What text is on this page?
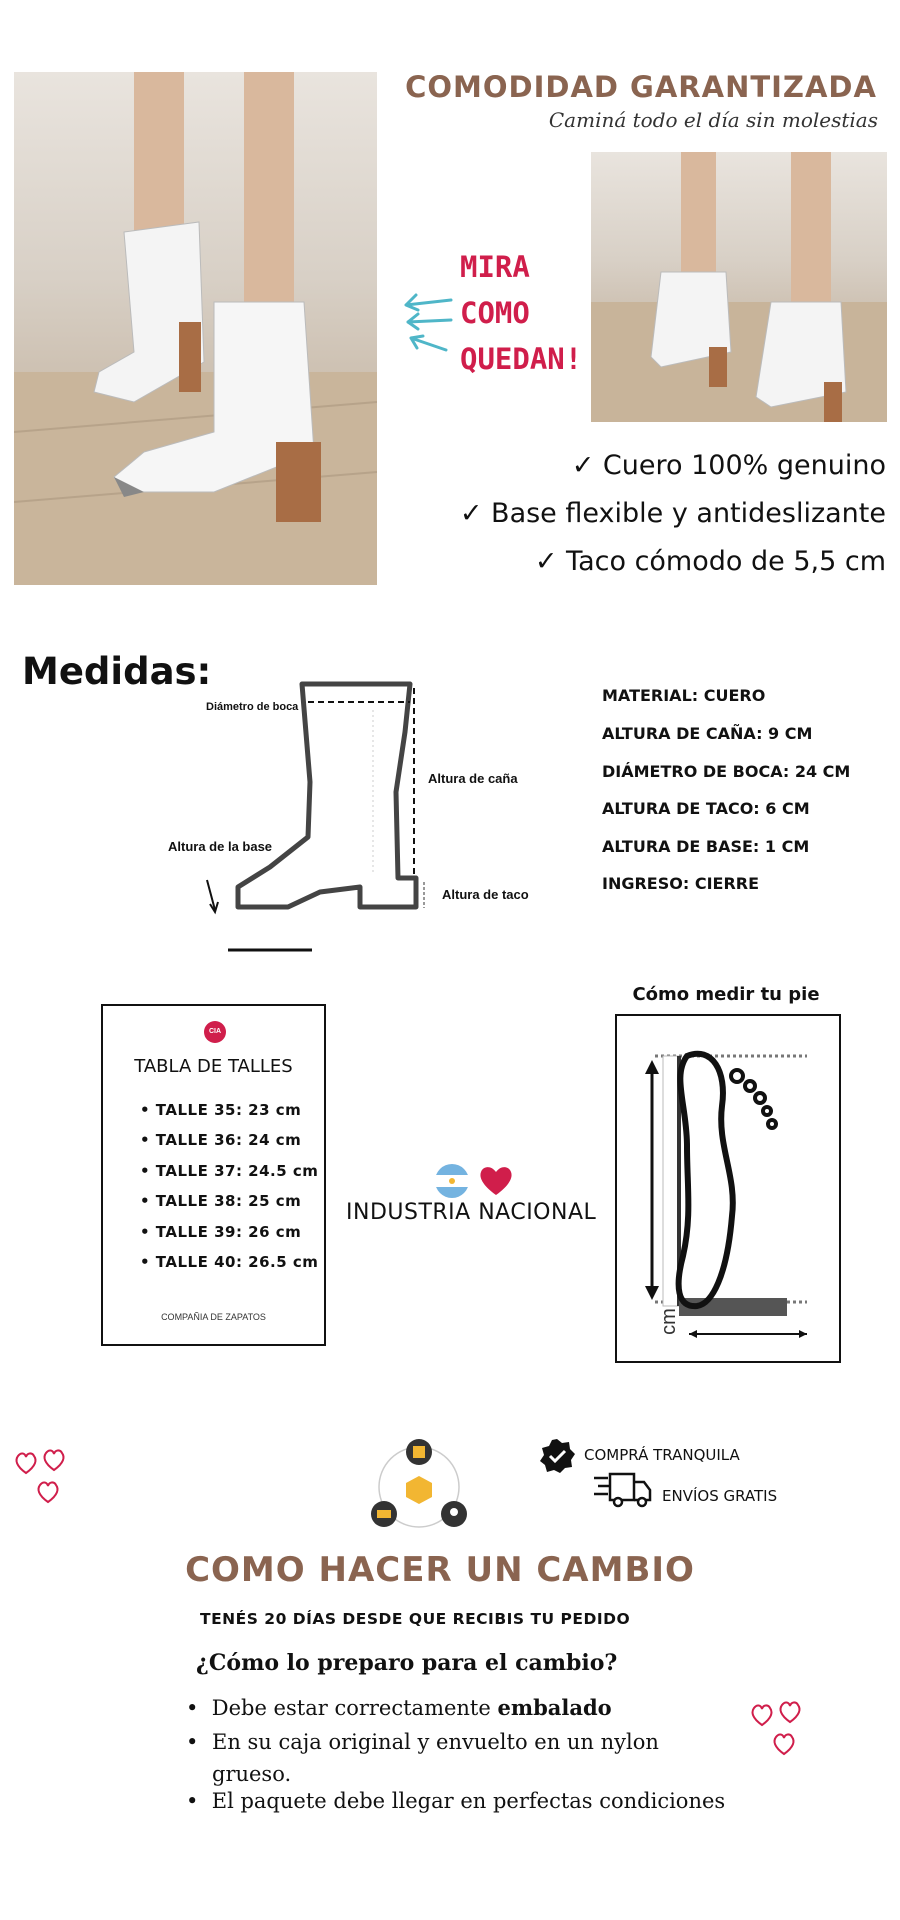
COMODIDAD GARANTIZADA
Caminá todo el día sin molestias
MIRA
COMO
QUEDAN!
✓ Cuero 100% genuino
✓ Base flexible y antideslizante
✓ Taco cómodo de 5,5 cm
Medidas:
Diámetro de boca
Altura de caña
Altura de la base
Altura de taco
MATERIAL: CUERO
ALTURA DE CAÑA: 9 CM
DIÁMETRO DE BOCA: 24 CM
ALTURA DE TACO: 6 CM
ALTURA DE BASE: 1 CM
INGRESO: CIERRE
CIA
TABLA DE TALLES
• TALLE 35: 23 cm
• TALLE 36: 24 cm
• TALLE 37: 24.5 cm
• TALLE 38: 25 cm
• TALLE 39: 26 cm
• TALLE 40: 26.5 cm
COMPAÑIA DE ZAPATOS
INDUSTRIA NACIONAL
Cómo medir tu pie
cm
COMPRÁ TRANQUILA
ENVÍOS GRATIS
COMO HACER UN CAMBIO
TENÉS 20 DÍAS DESDE QUE RECIBIS TU PEDIDO
¿Cómo lo preparo para el cambio?
•  Debe estar correctamente embalado
• En su caja original y envuelto en un nylon grueso.
•  El paquete debe llegar en perfectas condiciones
